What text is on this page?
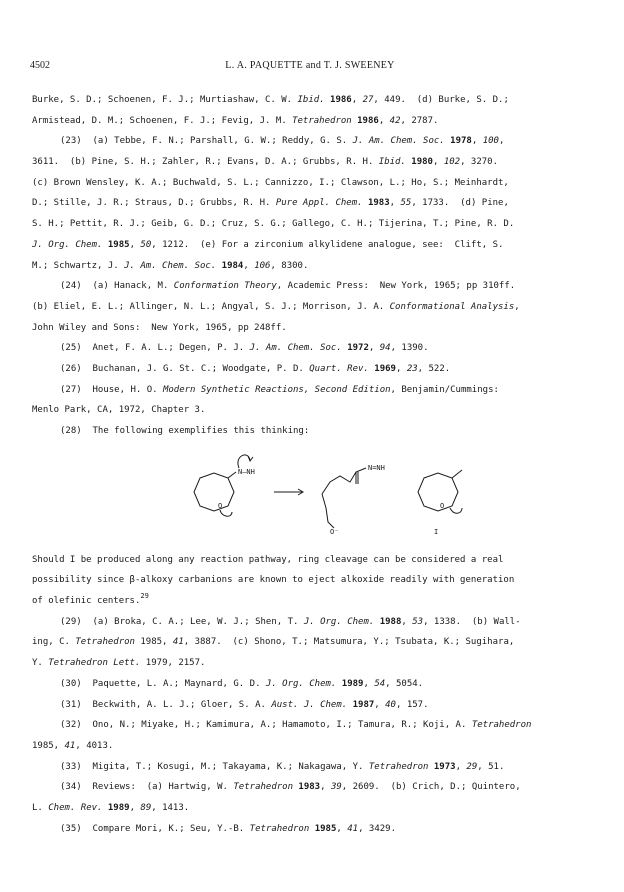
4502	L. A. PAQUETTE and T. J. SWEENEY
Burke, S. D.; Schoenen, F. J.; Murtiashaw, C. W. Ibid. 1986, 27, 449.  (d) Burke, S. D.;
Armistead, D. M.; Schoenen, F. J.; Fevig, J. M. Tetrahedron 1986, 42, 2787.
(23)  (a) Tebbe, F. N.; Parshall, G. W.; Reddy, G. S. J. Am. Chem. Soc. 1978, 100,
3611.  (b) Pine, S. H.; Zahler, R.; Evans, D. A.; Grubbs, R. H. Ibid. 1980, 102, 3270.
(c) Brown Wensley, K. A.; Buchwald, S. L.; Cannizzo, I.; Clawson, L.; Ho, S.; Meinhardt,
D.; Stille, J. R.; Straus, D.; Grubbs, R. H. Pure Appl. Chem. 1983, 55, 1733.  (d) Pine,
S. H.; Pettit, R. J.; Geib, G. D.; Cruz, S. G.; Gallego, C. H.; Tijerina, T.; Pine, R. D.
J. Org. Chem. 1985, 50, 1212.  (e) For a zirconium alkylidene analogue, see:  Clift, S.
M.; Schwartz, J. J. Am. Chem. Soc. 1984, 106, 8300.
(24)  (a) Hanack, M. Conformation Theory, Academic Press:  New York, 1965; pp 310ff.
(b) Eliel, E. L.; Allinger, N. L.; Angyal, S. J.; Morrison, J. A. Conformational Analysis,
John Wiley and Sons:  New York, 1965, pp 248ff.
(25)  Anet, F. A. L.; Degen, P. J. J. Am. Chem. Soc. 1972, 94, 1390.
(26)  Buchanan, J. G. St. C.; Woodgate, P. D. Quart. Rev. 1969, 23, 522.
(27)  House, H. O. Modern Synthetic Reactions, Second Edition, Benjamin/Cummings:
Menlo Park, CA, 1972, Chapter 3.
(28)  The following exemplifies this thinking:
N–NH
O
N=NH
O⁻
O
I
Should I be produced along any reaction pathway, ring cleavage can be considered a real
possibility since β-alkoxy carbanions are known to eject alkoxide readily with generation
of olefinic centers.$^{29}$
(29)  (a) Broka, C. A.; Lee, W. J.; Shen, T. J. Org. Chem. 1988, 53, 1338.  (b) Wall-
ing, C. Tetrahedron 1985, 41, 3887.  (c) Shono, T.; Matsumura, Y.; Tsubata, K.; Sugihara,
Y. Tetrahedron Lett. 1979, 2157.
(30)  Paquette, L. A.; Maynard, G. D. J. Org. Chem. 1989, 54, 5054.
(31)  Beckwith, A. L. J.; Gloer, S. A. Aust. J. Chem. 1987, 40, 157.
(32)  Ono, N.; Miyake, H.; Kamimura, A.; Hamamoto, I.; Tamura, R.; Koji, A. Tetrahedron
1985, 41, 4013.
(33)  Migita, T.; Kosugi, M.; Takayama, K.; Nakagawa, Y. Tetrahedron 1973, 29, 51.
(34)  Reviews:  (a) Hartwig, W. Tetrahedron 1983, 39, 2609.  (b) Crich, D.; Quintero,
L. Chem. Rev. 1989, 89, 1413.
(35)  Compare Mori, K.; Seu, Y.-B. Tetrahedron 1985, 41, 3429.
